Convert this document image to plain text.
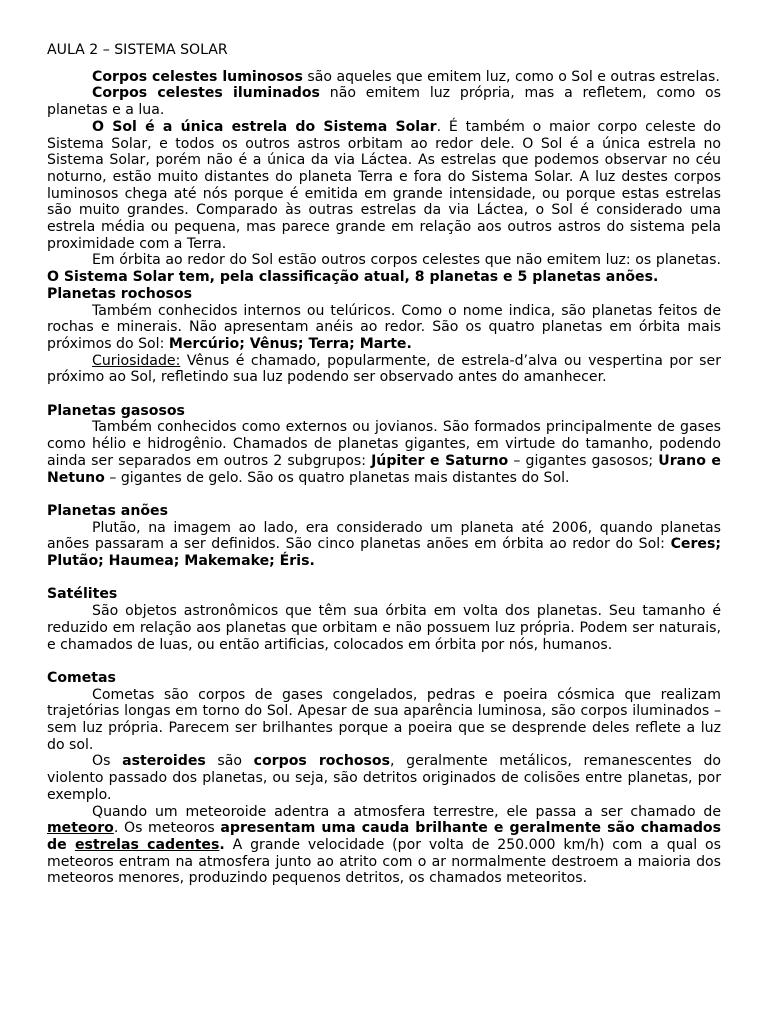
AULA 2 – SISTEMA SOLAR

Corpos celestes luminosos são aqueles que emitem luz, como o Sol e outras estrelas.

Corpos celestes iluminados não emitem luz própria, mas a refletem, como os planetas e a lua.

O Sol é a única estrela do Sistema Solar. É também o maior corpo celeste do Sistema Solar, e todos os outros astros orbitam ao redor dele. O Sol é a única estrela no Sistema Solar, porém não é a única da via Láctea. As estrelas que podemos observar no céu noturno, estão muito distantes do planeta Terra e fora do Sistema Solar. A luz destes corpos luminosos chega até nós porque é emitida em grande intensidade, ou porque estas estrelas são muito grandes. Comparado às outras estrelas da via Láctea, o Sol é considerado uma estrela média ou pequena, mas parece grande em relação aos outros astros do sistema pela proximidade com a Terra.

Em órbita ao redor do Sol estão outros corpos celestes que não emitem luz: os planetas. O Sistema Solar tem, pela classificação atual, 8 planetas e 5 planetas anões.

Planetas rochosos

Também conhecidos internos ou telúricos. Como o nome indica, são planetas feitos de rochas e minerais. Não apresentam anéis ao redor. São os quatro planetas em órbita mais próximos do Sol: Mercúrio; Vênus; Terra; Marte.

Curiosidade: Vênus é chamado, popularmente, de estrela-d’alva ou vespertina por ser próximo ao Sol, refletindo sua luz podendo ser observado antes do amanhecer.

Planetas gasosos

Também conhecidos como externos ou jovianos. São formados principalmente de gases como hélio e hidrogênio. Chamados de planetas gigantes, em virtude do tamanho, podendo ainda ser separados em outros 2 subgrupos: Júpiter e Saturno – gigantes gasosos; Urano e Netuno – gigantes de gelo. São os quatro planetas mais distantes do Sol.

Planetas anões

Plutão, na imagem ao lado, era considerado um planeta até 2006, quando planetas anões passaram a ser definidos. São cinco planetas anões em órbita ao redor do Sol: Ceres; Plutão; Haumea; Makemake; Éris.

Satélites

São objetos astronômicos que têm sua órbita em volta dos planetas. Seu tamanho é reduzido em relação aos planetas que orbitam e não possuem luz própria. Podem ser naturais, e chamados de luas, ou então artificias, colocados em órbita por nós, humanos.

Cometas

Cometas são corpos de gases congelados, pedras e poeira cósmica que realizam trajetórias longas em torno do Sol. Apesar de sua aparência luminosa, são corpos iluminados – sem luz própria. Parecem ser brilhantes porque a poeira que se desprende deles reflete a luz do sol.

Os asteroides são corpos rochosos, geralmente metálicos, remanescentes do violento passado dos planetas, ou seja, são detritos originados de colisões entre planetas, por exemplo.

Quando um meteoroide adentra a atmosfera terrestre, ele passa a ser chamado de meteoro. Os meteoros apresentam uma cauda brilhante e geralmente são chamados de estrelas cadentes. A grande velocidade (por volta de 250.000 km/h) com a qual os meteoros entram na atmosfera junto ao atrito com o ar normalmente destroem a maioria dos meteoros menores, produzindo pequenos detritos, os chamados meteoritos.
